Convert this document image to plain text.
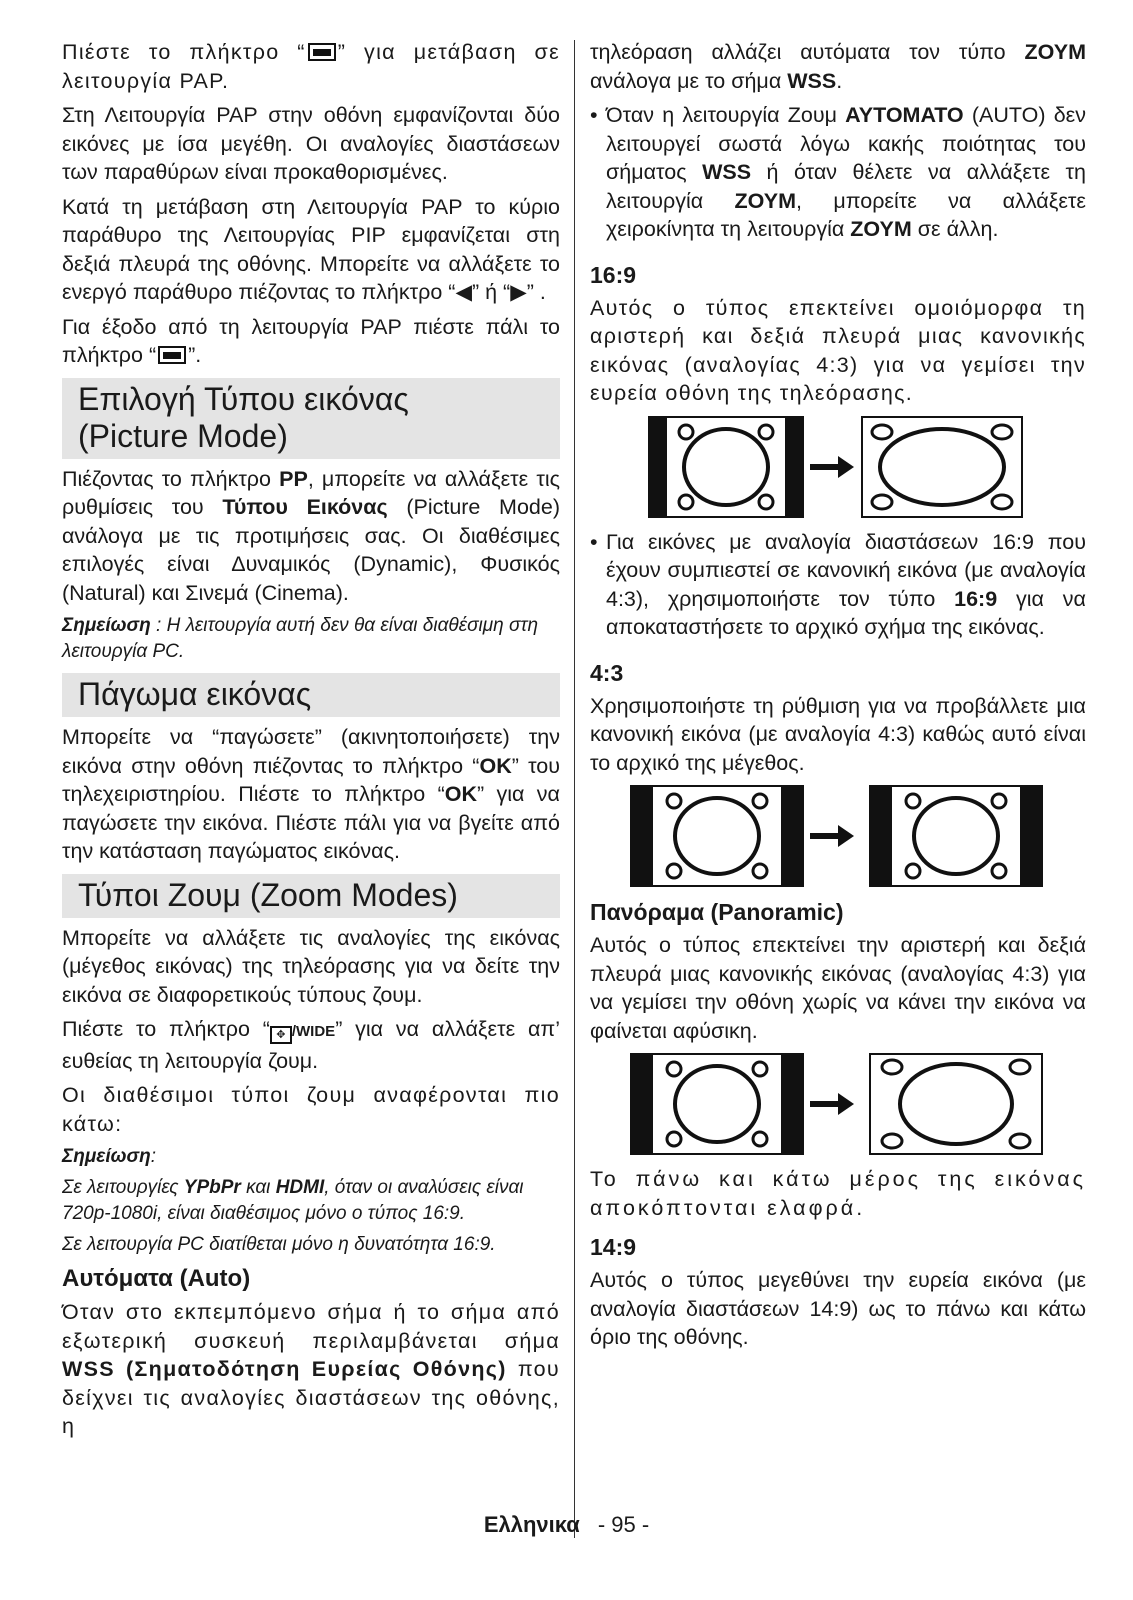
Πιέστε το πλήκτρο “ ” για μετάβαση σε λειτουργία PAP.

Στη Λειτουργία PAP στην οθόνη εμφανίζονται δύο εικόνες με ίσα μεγέθη. Οι αναλογίες διαστάσεων των παραθύρων είναι προκαθορισμένες.

Κατά τη μετάβαση στη Λειτουργία PAP το κύριο παράθυρο της Λειτουργίας PIP εμφανίζεται στη δεξιά πλευρά της οθόνης. Μπορείτε να αλλάξετε το ενεργό παράθυρο πιέζοντας το πλήκτρο “◀” ή “▶” .

Για έξοδο από τη λειτουργία PAP πιέστε πάλι το πλήκτρο “ ”.

Επιλογή Τύπου εικόνας
(Picture Mode)

Πιέζοντας το πλήκτρο PP, μπορείτε να αλλάξετε τις ρυθμίσεις του Τύπου Εικόνας (Picture Mode) ανάλογα με τις προτιμήσεις σας. Οι διαθέσιμες επιλογές είναι Δυναμικός (Dynamic), Φυσικός (Natural) και Σινεμά (Cinema).

Σημείωση : Η λειτουργία αυτή δεν θα είναι διαθέσιμη στη λειτουργία PC.

Πάγωμα εικόνας

Μπορείτε να “παγώσετε” (ακινητοποιήσετε) την εικόνα στην οθόνη πιέζοντας το πλήκτρο “OK” του τηλεχειριστηρίου. Πιέστε το πλήκτρο “OK” για να παγώσετε την εικόνα. Πιέστε πάλι για να βγείτε από την κατάσταση παγώματος εικόνας.

Τύποι Ζουμ (Zoom Modes)

Μπορείτε να αλλάξετε τις αναλογίες της εικόνας (μέγεθος εικόνας) της τηλεόρασης για να δείτε την εικόνα σε διαφορετικούς τύπους ζουμ.

Πιέστε το πλήκτρο “ ✥ /WIDE” για να αλλάξετε απ’ ευθείας τη λειτουργία ζουμ.

Οι διαθέσιμοι τύποι ζουμ αναφέρονται πιο κάτω:

Σημείωση:

Σε λειτουργίες YPbPr και HDMI, όταν οι αναλύσεις είναι 720p-1080i, είναι διαθέσιμος μόνο ο τύπος 16:9.

Σε λειτουργία PC διατίθεται μόνο η δυνατότητα 16:9.

Αυτόματα (Auto)

Όταν στο εκπεμπόμενο σήμα ή το σήμα από εξωτερική συσκευή περιλαμβάνεται σήμα WSS (Σηματοδότηση Ευρείας Οθόνης) που δείχνει τις αναλογίες διαστάσεων της οθόνης, η

τηλεόραση αλλάζει αυτόματα τον τύπο ΖΟΥΜ ανάλογα με το σήμα WSS.

• Όταν η λειτουργία Ζουμ ΑΥΤΟΜΑΤΟ (AUTO) δεν λειτουργεί σωστά λόγω κακής ποιότητας του σήματος WSS ή όταν θέλετε να αλλάξετε τη λειτουργία ΖΟΥΜ, μπορείτε να αλλάξετε χειροκίνητα τη λειτουργία ΖΟΥΜ σε άλλη.

16:9

Αυτός ο τύπος επεκτείνει ομοιόμορφα τη αριστερή και δεξιά πλευρά μιας κανονικής εικόνας (αναλογίας 4:3) για να γεμίσει την ευρεία οθόνη της τηλεόρασης.

• Για εικόνες με αναλογία διαστάσεων 16:9 που έχουν συμπιεστεί σε κανονική εικόνα (με αναλογία 4:3), χρησιμοποιήστε τον τύπο 16:9 για να αποκαταστήσετε το αρχικό σχήμα της εικόνας.

4:3

Χρησιμοποιήστε τη ρύθμιση για να προβάλλετε μια κανονική εικόνα (με αναλογία 4:3) καθώς αυτό είναι το αρχικό της μέγεθος.

Πανόραμα (Panoramic)

Αυτός ο τύπος επεκτείνει την αριστερή και δεξιά πλευρά μιας κανονικής εικόνας (αναλογίας 4:3) για να γεμίσει την οθόνη χωρίς να κάνει την εικόνα να φαίνεται αφύσικη.

Το πάνω και κάτω μέρος της εικόνας αποκόπτονται ελαφρά.

14:9

Αυτός ο τύπος μεγεθύνει την ευρεία εικόνα (με αναλογία διαστάσεων 14:9) ως το πάνω και κάτω όριο της οθόνης.

Ελληνικα - 95 -
